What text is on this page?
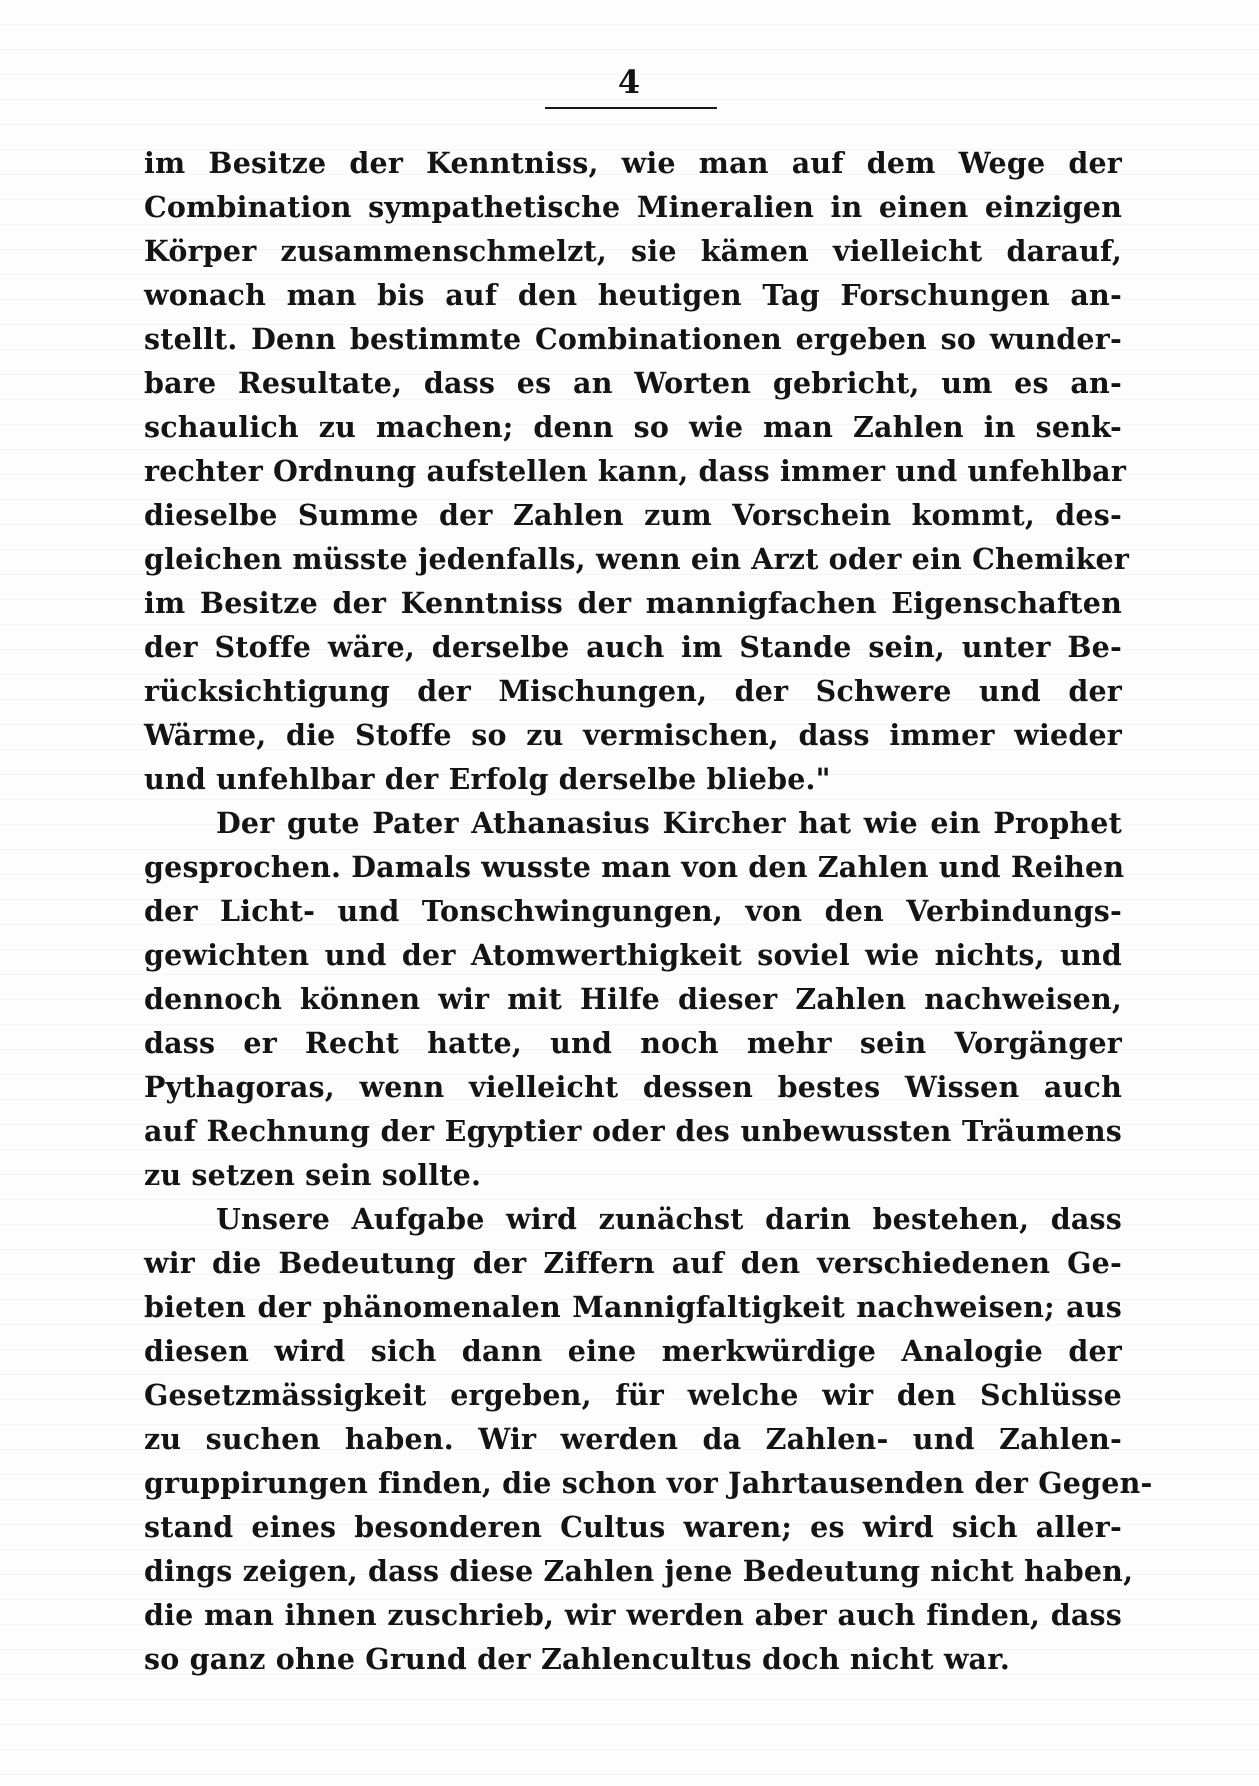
4
im Besitze der Kenntniss, wie man auf dem Wege der
Combination sympathetische Mineralien in einen einzigen
Körper zusammenschmelzt, sie kämen vielleicht darauf,
wonach man bis auf den heutigen Tag Forschungen an-
stellt. Denn bestimmte Combinationen ergeben so wunder-
bare Resultate, dass es an Worten gebricht, um es an-
schaulich zu machen; denn so wie man Zahlen in senk-
rechter Ordnung aufstellen kann, dass immer und unfehlbar
dieselbe Summe der Zahlen zum Vorschein kommt, des-
gleichen müsste jedenfalls, wenn ein Arzt oder ein Chemiker
im Besitze der Kenntniss der mannigfachen Eigenschaften
der Stoffe wäre, derselbe auch im Stande sein, unter Be-
rücksichtigung der Mischungen, der Schwere und der
Wärme, die Stoffe so zu vermischen, dass immer wieder
und unfehlbar der Erfolg derselbe bliebe."
Der gute Pater Athanasius Kircher hat wie ein Prophet
gesprochen. Damals wusste man von den Zahlen und Reihen
der Licht- und Tonschwingungen, von den Verbindungs-
gewichten und der Atomwerthigkeit soviel wie nichts, und
dennoch können wir mit Hilfe dieser Zahlen nachweisen,
dass er Recht hatte, und noch mehr sein Vorgänger
Pythagoras, wenn vielleicht dessen bestes Wissen auch
auf Rechnung der Egyptier oder des unbewussten Träumens
zu setzen sein sollte.
Unsere Aufgabe wird zunächst darin bestehen, dass
wir die Bedeutung der Ziffern auf den verschiedenen Ge-
bieten der phänomenalen Mannigfaltigkeit nachweisen; aus
diesen wird sich dann eine merkwürdige Analogie der
Gesetzmässigkeit ergeben, für welche wir den Schlüsse
zu suchen haben. Wir werden da Zahlen- und Zahlen-
gruppirungen finden, die schon vor Jahrtausenden der Gegen-
stand eines besonderen Cultus waren; es wird sich aller-
dings zeigen, dass diese Zahlen jene Bedeutung nicht haben,
die man ihnen zuschrieb, wir werden aber auch finden, dass
so ganz ohne Grund der Zahlencultus doch nicht war.
